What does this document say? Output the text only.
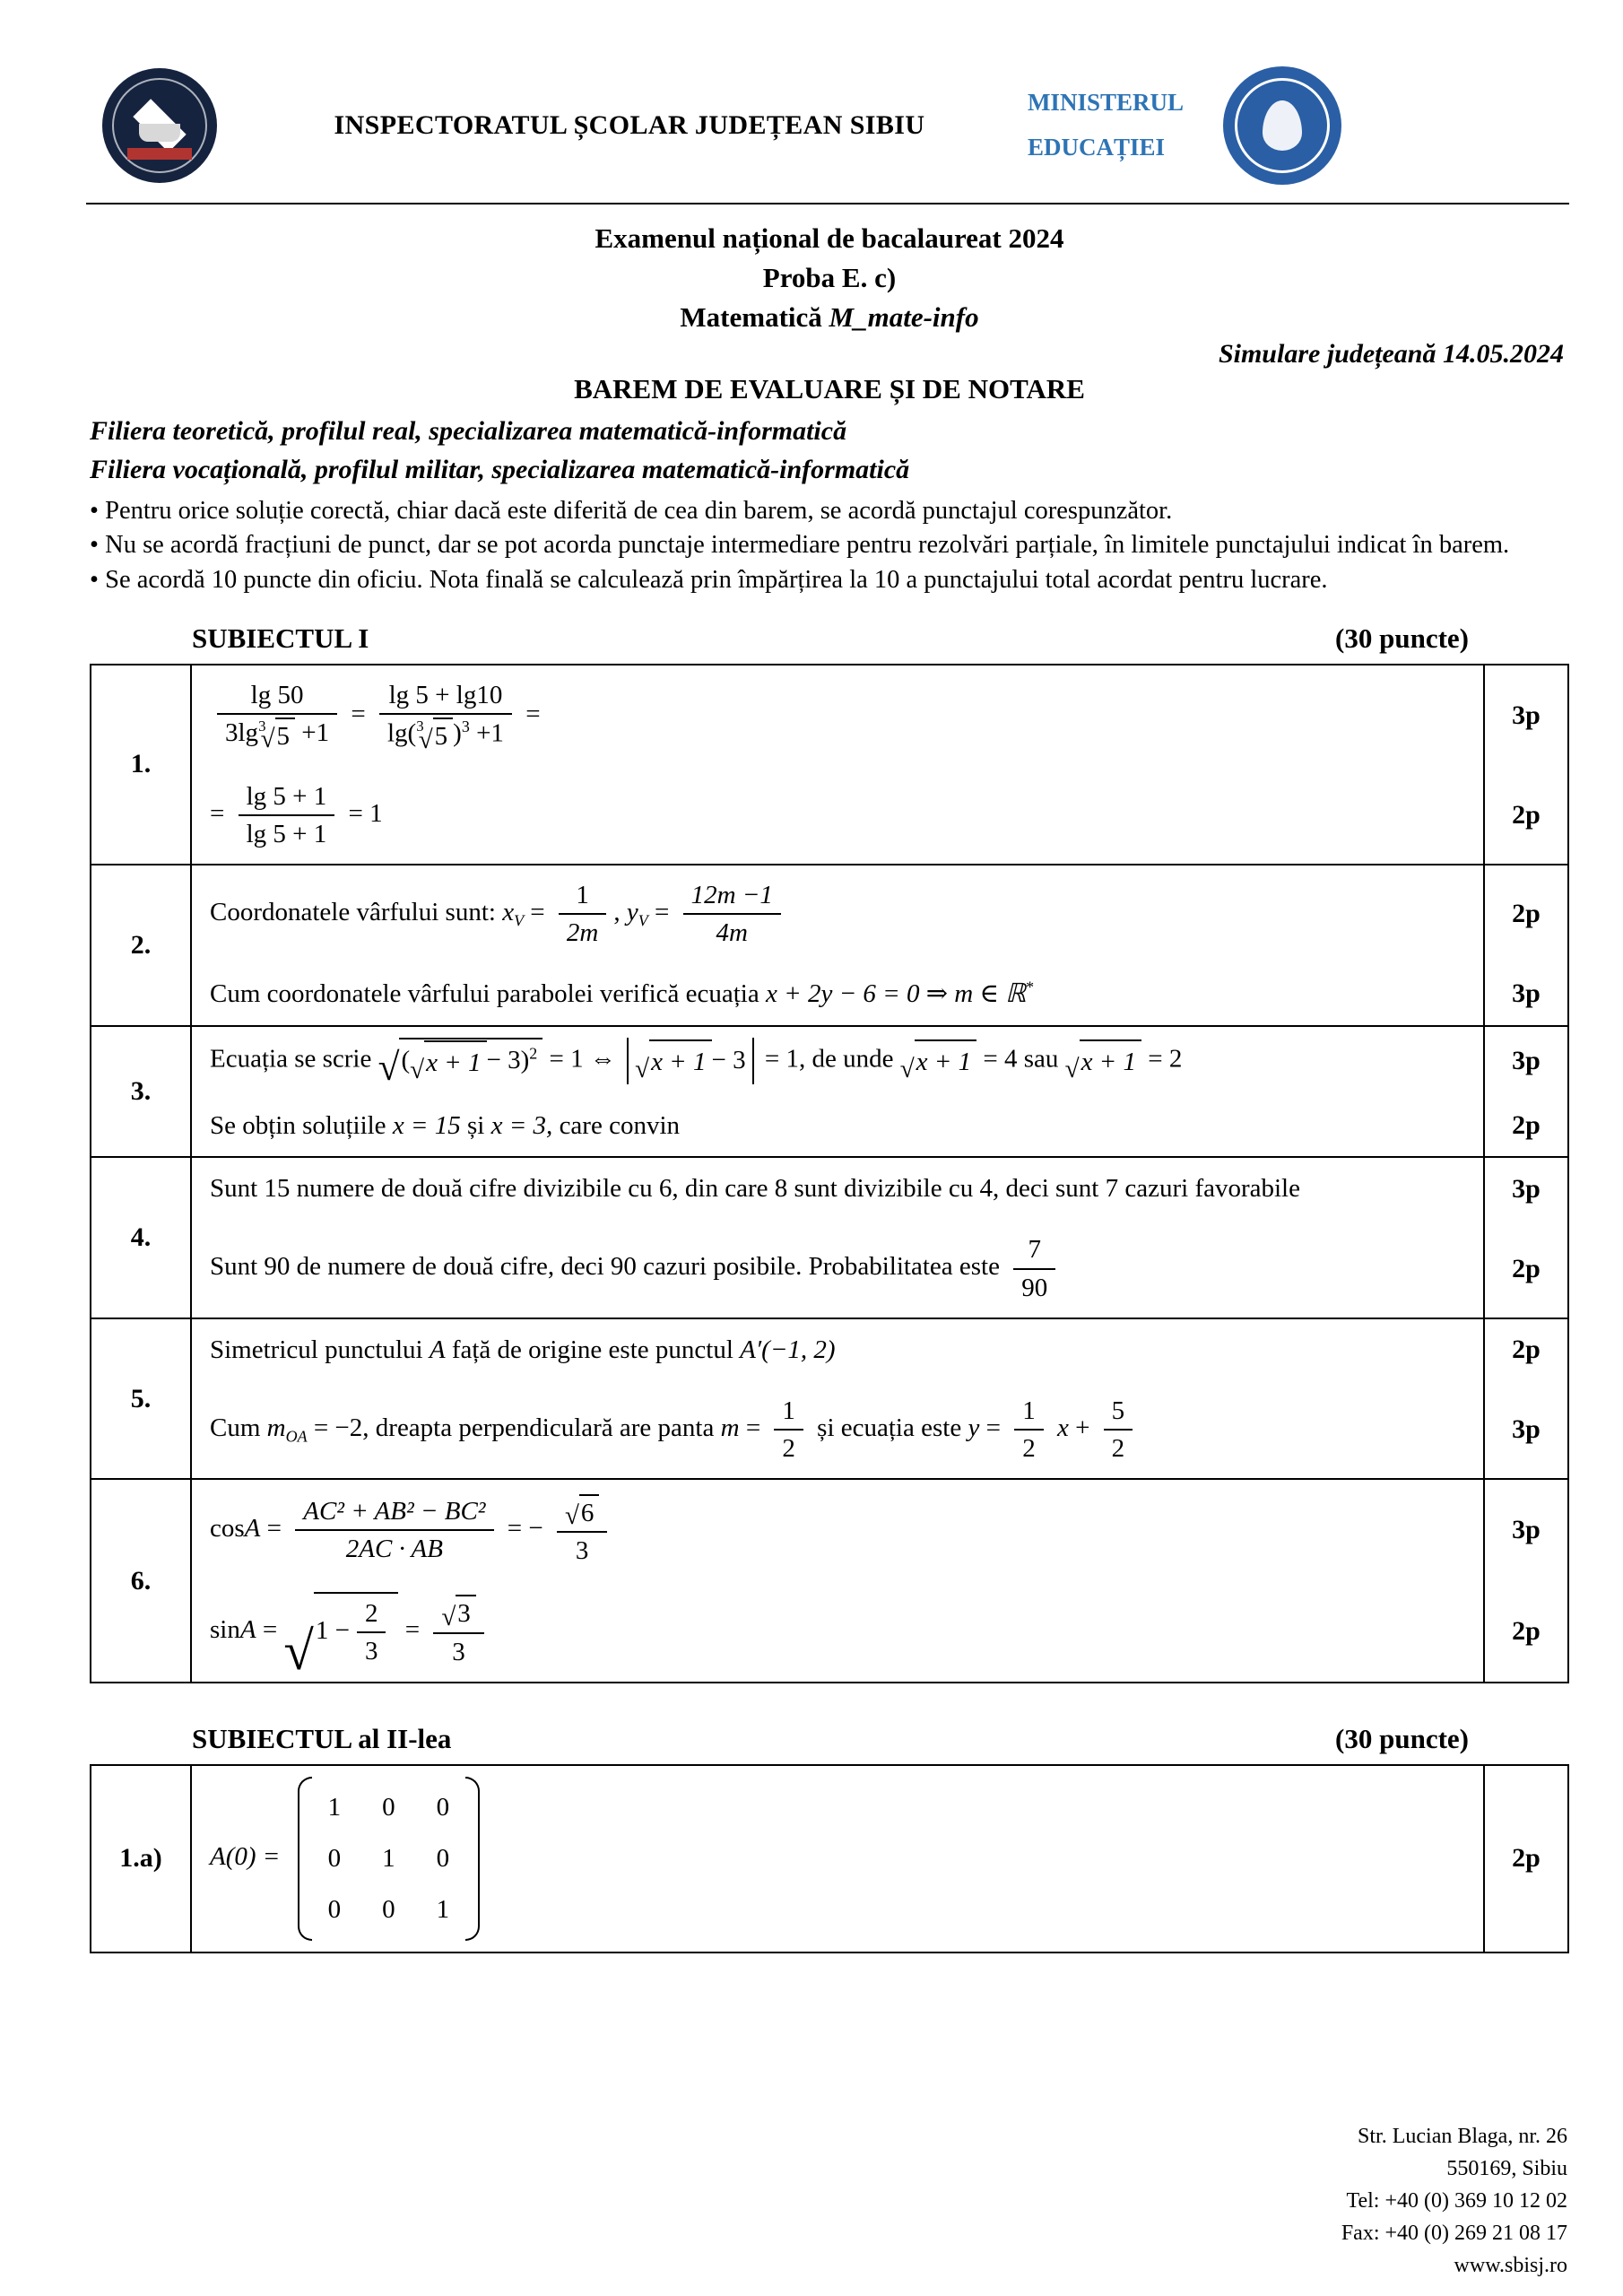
INSPECTORATUL ȘCOLAR JUDEȚEAN SIBIU
MINISTERUL
EDUCAȚIEI
Examenul național de bacalaureat 2024
Proba E. c)
Matematică M_mate-info
Simulare județeană 14.05.2024
BAREM DE EVALUARE ȘI DE NOTARE
Filiera teoretică, profilul real, specializarea matematică-informatică
Filiera vocațională, profilul militar, specializarea matematică-informatică
• Pentru orice soluție corectă, chiar dacă este diferită de cea din barem, se acordă punctajul corespunzător.
• Nu se acordă fracțiuni de punct, dar se pot acorda punctaje intermediare pentru rezolvări parțiale, în limitele punctajului indicat în barem.
• Se acordă 10 puncte din oficiu. Nota finală se calculează prin împărțirea la 10 a punctajului total acordat pentru lucrare.
SUBIECTUL I	(30 puncte)
1.
$\frac{\lg 50}{3\lg^3 √ 5 +1} = \frac{\lg 5 + \lg 10}{\lg(^3 √ 5 )^3 +1}$ =	3p
= $\frac{\lg 5 + 1}{\lg 5 + 1} = 1$	2p
2.
Coordonatele vârfului sunt: $x_V = \frac{1}{2m}$ , $y_V = \frac{12m -1}{4m}$	2p
Cum coordonatele vârfului parabolei verifică ecuația x + 2y − 6 = 0 ⇒ m ∈ ℝ*	3p
3.
Ecuația se scrie √ ( √ x + 1 − 3)$^2$ = 1 ⇔ √ x + 1 − 3 = 1, de unde √ x + 1 = 4 sau √ x + 1 = 2	3p
Se obțin soluțiile x = 15 și x = 3, care convin	2p
4.
Sunt 15 numere de două cifre divizibile cu 6, din care 8 sunt divizibile cu 4, deci sunt 7 cazuri favorabile	3p
Sunt 90 de numere de două cifre, deci 90 cazuri posibile. Probabilitatea este $\frac{7}{90}$	2p
5.
Simetricul punctului A față de origine este punctul A′(−1, 2)	2p
Cum $m_{OA} = -2$, dreapta perpendiculară are panta $m = \frac{1}{2}$ și ecuația este $y = \frac{1}{2}$ $x + \frac{5}{2}$	3p
6.
$\cos A = \frac{\text{AC² + AB² − BC²}}{2AC \cdot AB}$ = − √ $\frac{6}{3}$	3p
sinA = √ $1 - \frac{2}{3}$ = √ $\frac{3}{3}$	2p
SUBIECTUL al II-lea	(30 puncte)
1.a)	A(0) =
1 0 0
0 1 0
0 0 1
2p
Str. Lucian Blaga, nr. 26
550169, Sibiu
Tel: +40 (0) 369 10 12 02
Fax: +40 (0) 269 21 08 17
www.sbisj.ro
